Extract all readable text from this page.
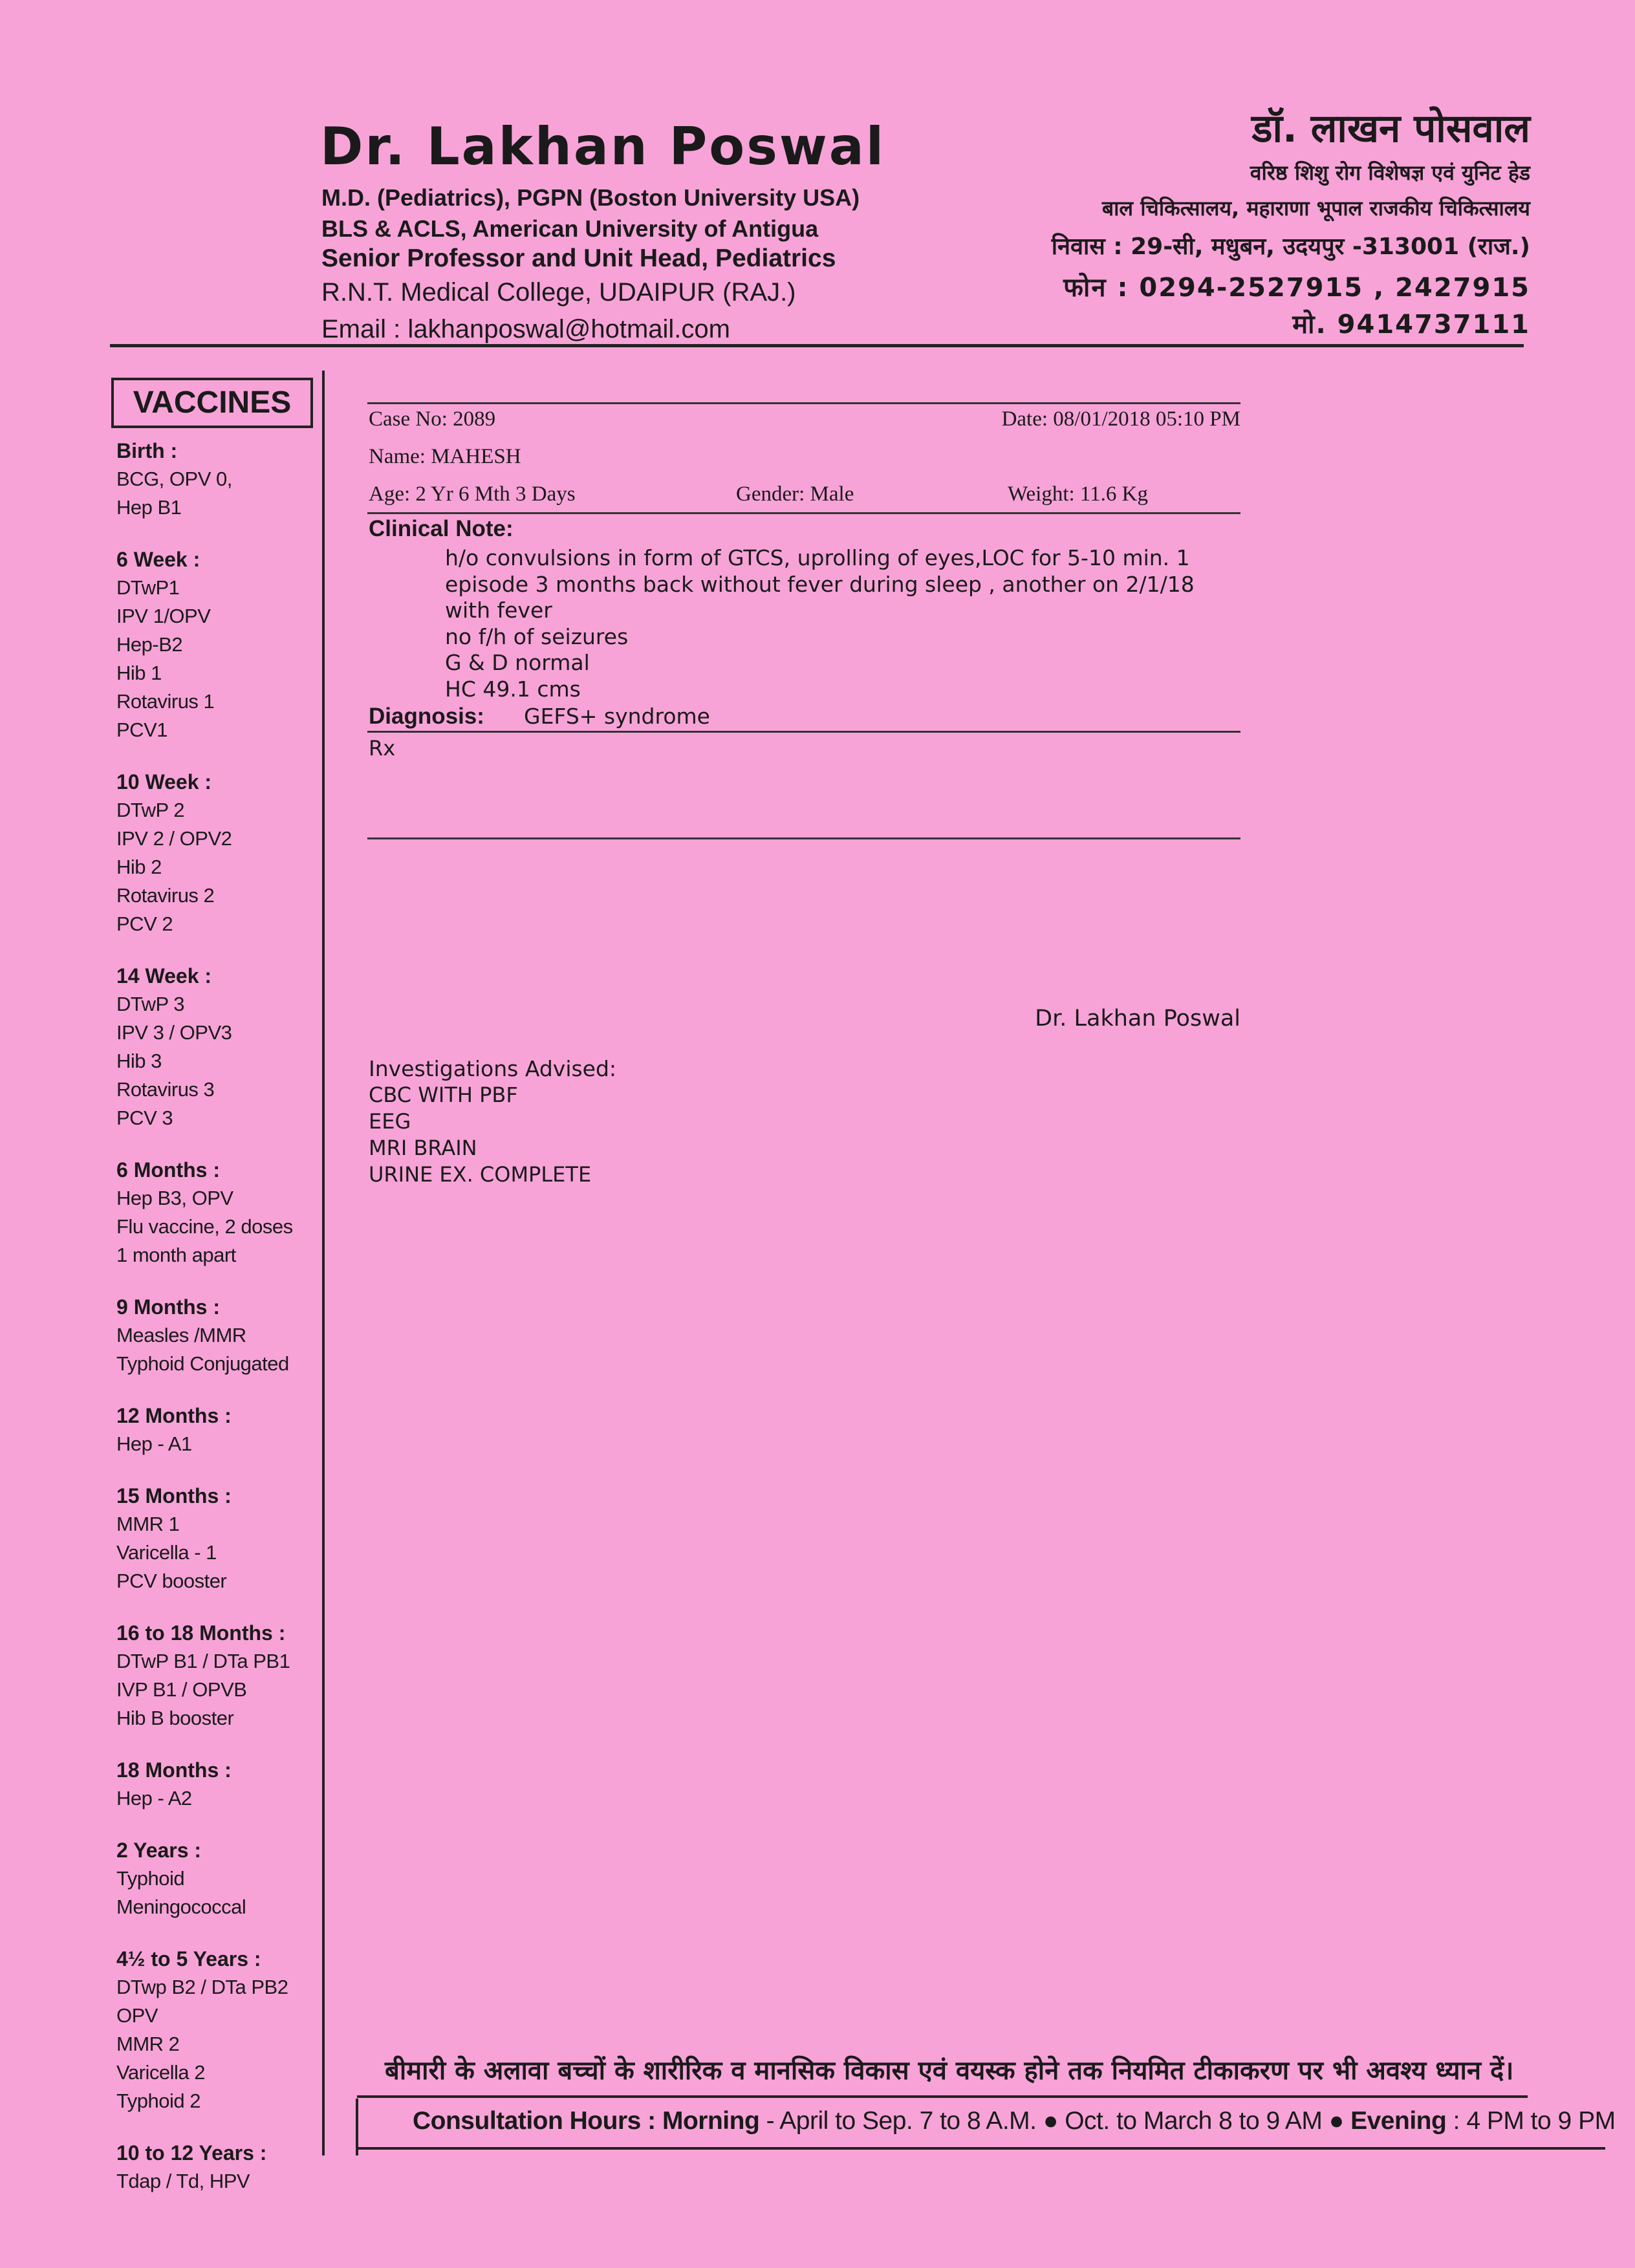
Dr. Lakhan Poswal
M.D. (Pediatrics), PGPN (Boston University USA)
BLS & ACLS, American University of Antigua
Senior Professor and Unit Head, Pediatrics
R.N.T. Medical College, UDAIPUR (RAJ.)
Email : lakhanposwal@hotmail.com
डॉ. लाखन पोसवाल
वरिष्ठ शिशु रोग विशेषज्ञ एवं युनिट हेड
बाल चिकित्सालय, महाराणा भूपाल राजकीय चिकित्सालय
निवास : 29-सी, मधुबन, उदयपुर -313001 (राज.)
फोन : 0294-2527915 , 2427915
मो. 9414737111
VACCINES
Birth :
BCG, OPV 0,
Hep B1
6 Week :
DTwP1
IPV 1/OPV
Hep-B2
Hib 1
Rotavirus 1
PCV1
10 Week :
DTwP 2
IPV 2 / OPV2
Hib 2
Rotavirus 2
PCV 2
14 Week :
DTwP 3
IPV 3 / OPV3
Hib 3
Rotavirus 3
PCV 3
6 Months :
Hep B3, OPV
Flu vaccine, 2 doses
1 month apart
9 Months :
Measles /MMR
Typhoid Conjugated
12 Months :
Hep - A1
15 Months :
MMR 1
Varicella - 1
PCV booster
16 to 18 Months :
DTwP B1 / DTa PB1
IVP B1 / OPVB
Hib B booster
18 Months :
Hep - A2
2 Years :
Typhoid
Meningococcal
4½ to 5 Years :
DTwp B2 / DTa PB2
OPV
MMR 2
Varicella 2
Typhoid 2
10 to 12 Years :
Tdap / Td, HPV
Case No: 2089	Date: 08/01/2018 05:10 PM
Name: MAHESH
Age: 2 Yr 6 Mth 3 Days	Gender: Male	Weight: 11.6 Kg
Clinical Note:
h/o convulsions in form of GTCS, uprolling of eyes,LOC for 5-10 min. 1
episode 3 months back without fever during sleep , another on 2/1/18
with fever
no f/h of seizures
G & D normal
HC 49.1 cms
Diagnosis: GEFS+ syndrome
Rx
Dr. Lakhan Poswal
Investigations Advised:
CBC WITH PBF
EEG
MRI BRAIN
URINE EX. COMPLETE
बीमारी के अलावा बच्चों के शारीरिक व मानसिक विकास एवं वयस्क होने तक नियमित टीकाकरण पर भी अवश्य ध्यान दें।
Consultation Hours : Morning - April to Sep. 7 to 8 A.M. ● Oct. to March 8 to 9 AM ● Evening : 4 PM to 9 PM
